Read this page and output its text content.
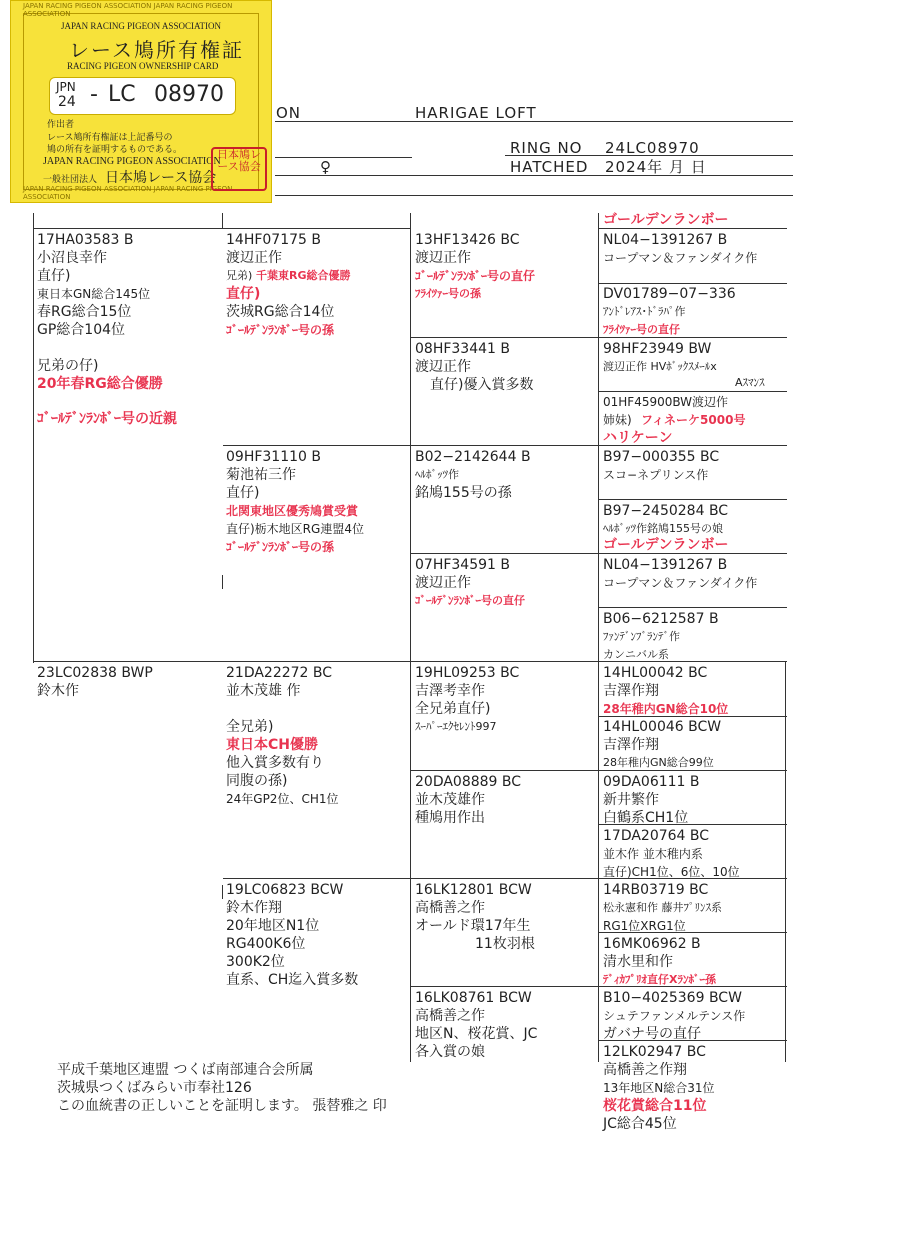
ON	HARIGAE LOFT
RING NO 24LC08970
HATCHED 2024年 月 日
♀
JAPAN RACING PIGEON ASSOCIATION JAPAN RACING PIGEON ASSOCIATION
JAPAN RACING PIGEON ASSOCIATION JAPAN RACING PIGEON ASSOCIATION
JAPAN RACING PIGEON ASSOCIATION
レース鳩所有権証
RACING PIGEON OWNERSHIP CARD
JPN
24 - LC 08970
作出者
レース鳩所有権証は上記番号の
鳩の所有を証明するものである。
JAPAN RACING PIGEON ASSOCIATION
一般社団法人 日本鳩レース協会
日本鳩レース協会
17HA03583 B
小沼良幸作
直仔)
東日本GN総合145位
春RG総合15位
GP総合104位
兄弟の仔)
20年春RG総合優勝
ｺﾞｰﾙﾃﾞﾝﾗﾝﾎﾞｰ号の近親
23LC02838 BWP
鈴木作
14HF07175 B
渡辺正作
兄弟) 千葉東RG総合優勝
直仔)
茨城RG総合14位
ｺﾞｰﾙﾃﾞﾝﾗﾝﾎﾞｰ号の孫
09HF31110 B
菊池祐三作
直仔)
北関東地区優秀鳩賞受賞
直仔)栃木地区RG連盟4位
ｺﾞｰﾙﾃﾞﾝﾗﾝﾎﾞｰ号の孫
21DA22272 BC
並木茂雄 作
全兄弟)
東日本CH優勝
他入賞多数有り
同腹の孫)
24年GP2位、CH1位
19LC06823 BCW
鈴木作翔
20年地区N1位
RG400K6位
300K2位
直系、CH迄入賞多数
13HF13426 BC
渡辺正作
ｺﾞｰﾙﾃﾞﾝﾗﾝﾎﾞｰ号の直仔
ﾌﾗｲﾂｧｰ号の孫
08HF33441 B
渡辺正作
直仔)優入賞多数
B02−2142644 B
ﾍﾙﾎﾞｯﾂ作
銘鳩155号の孫
07HF34591 B
渡辺正作
ｺﾞｰﾙﾃﾞﾝﾗﾝﾎﾞｰ号の直仔
19HL09253 BC
吉澤考幸作
全兄弟直仔)
ｽｰﾊﾟｰｴｸｾﾚﾝﾄ997
20DA08889 BC
並木茂雄作
種鳩用作出
16LK12801 BCW
高橋善之作
オールド環17年生
11枚羽根
16LK08761 BCW
高橋善之作
地区N、桜花賞、JC
各入賞の娘
ゴールデンランボー
NL04−1391267 B
コープマン＆ファンダイク作
DV01789−07−336
ｱﾝﾄﾞﾚｱｽ･ﾄﾞﾗﾊﾟ作
ﾌﾗｲﾂｧｰ号の直仔
98HF23949 BW
渡辺正作 HVﾎﾞｯｸｽﾒｰﾙx
Aｽﾏﾝｽ
01HF45900BW渡辺作
姉妹) フィネーケ5000号
ハリケーン
B97−000355 BC
スコ−ネプリンス作
B97−2450284 BC
ﾍﾙﾎﾞｯﾂ作銘鳩155号の娘
ゴールデンランボー
NL04−1391267 B
コープマン＆ファンダイク作
B06−6212587 B
ﾌｧﾝﾃﾞﾝﾌﾞﾗﾝﾃﾞ作
カンニバル系
14HL00042 BC
吉澤作翔
28年稚内GN総合10位
14HL00046 BCW
吉澤作翔
28年稚内GN総合99位
09DA06111 B
新井繁作
白鶴系CH1位
17DA20764 BC
並木作 並木稚内系
直仔)CH1位、6位、10位
14RB03719 BC
松永憲和作 藤井ﾌﾟﾘﾝｽ系
RG1位XRG1位
16MK06962 B
清水里和作
ﾃﾞｨｶﾌﾟﾘｵ直仔Xﾗﾝﾎﾞｰ孫
B10−4025369 BCW
シュテファンメルテンス作
ガバナ号の直仔
12LK02947 BC
高橋善之作翔
13年地区N総合31位
桜花賞総合11位
JC総合45位
平成千葉地区連盟 つくば南部連合会所属
茨城県つくばみらい市奉社126
この血統書の正しいことを証明します。 張替雅之 印
